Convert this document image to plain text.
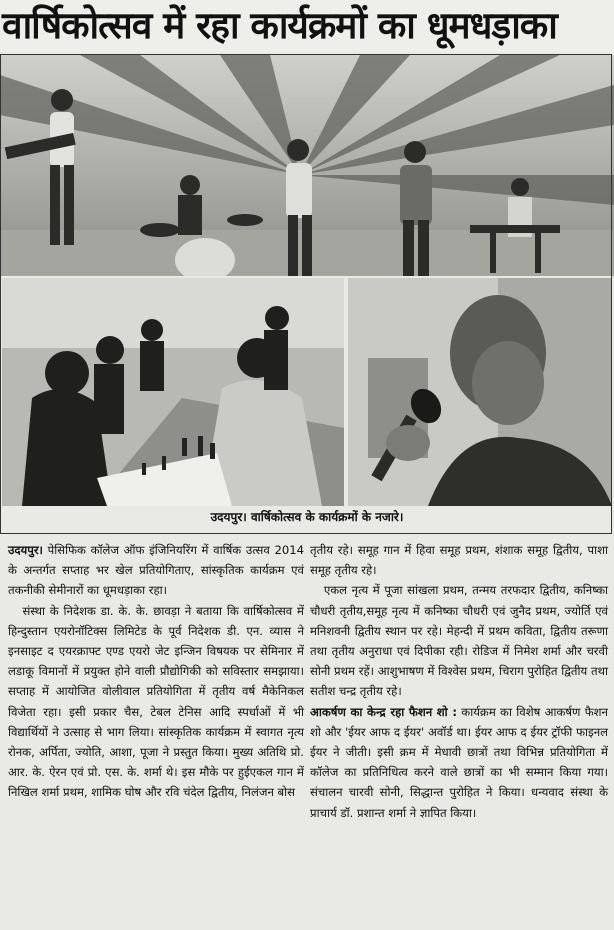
वार्षिकोत्सव में रहा कार्यक्रमों का धूमधड़ाका
उदयपुर। वार्षिकोत्सव के कार्यक्रमों के नजारे।

उदयपुर। पेसिफिक कॉलेज ऑफ इंजिनियरिंग में वार्षिक उत्सव 2014 के अन्तर्गत सप्ताह भर खेल प्रतियोगिताए, सांस्कृतिक कार्यक्रम एवं तकनीकी सेमीनारों का धूमधड़ाका रहा।

संस्था के निदेशक डा. के. के. छावड़ा ने बताया कि वार्षिकोत्सव में हिन्दुस्तान एयरोनॉटिक्स लिमिटेड के पूर्व निदेशक डी. एन. व्यास ने इनसाइट द एयरक्राफ्ट एण्ड एयरो जेट इन्जिन विषयक पर सेमिनार में लडाकू विमानों में प्रयुक्त होने वाली प्रौद्योगिकी को सविस्तार समझाया। सप्ताह में आयोजित वोलीवाल प्रतियोगिता में तृतीय वर्ष मैकेनिकल विजेता रहा। इसी प्रकार चैस, टेबल टेनिस आदि स्पर्धाओं में भी विद्यार्थियों ने उत्साह से भाग लिया। सांस्कृतिक कार्यक्रम में स्वागत नृत्य रोनक, अर्पिता, ज्योति, आशा, पूजा ने प्रस्तुत किया। मुख्य अतिथि प्रो. आर. के. ऐरन एवं प्रो. एस. के. शर्मा थे। इस मौके पर हुईएकल गान में निखिल शर्मा प्रथम, शामिक घोष और रवि चंदेल द्वितीय, निलंजन बोस

तृतीय रहे। समूह गान में हिवा समूह प्रथम, शंशाक समूह द्वितीय, पाशा समूह तृतीय रहे।

एकल नृत्य में पूजा सांखला प्रथम, तन्मय तरफदार द्वितीय, कनिष्का चौधरी तृतीय,समूह नृत्य में कनिष्का चौधरी एवं जुनैद प्रथम, ज्योर्ति एवं मनिशवनी द्वितीय स्थान पर रहे। मेहन्दी में प्रथम कविता, द्वितीय तरूणा तथा तृतीय अनुराधा एवं दिपीका रही। रोडिज में निमेश शर्मा और चरवी सोनी प्रथम रहें। आशुभाषण में विश्वेस प्रथम, चिराग पुरोहित द्वितीय तथा सतीश चन्द्र तृतीय रहे।

आकर्षण का केन्द्र रहा फैशन शो : कार्यक्रम का विशेष आकर्षण फैशन शो और 'ईयर आफ द ईयर' अवॉर्ड था। ईयर आफ द ईयर ट्रॉफी फाइनल ईयर ने जीती। इसी क्रम में मेधावी छात्रों तथा विभिन्न प्रतियोगिता में कॉलेज का प्रतिनिधित्व करने वाले छात्रों का भी सम्मान किया गया। संचालन चारवी सोनी, सिद्धान्त पुरोहित ने किया। धन्यवाद संस्था के प्राचार्य डॉ. प्रशान्त शर्मा ने ज्ञापित किया।
